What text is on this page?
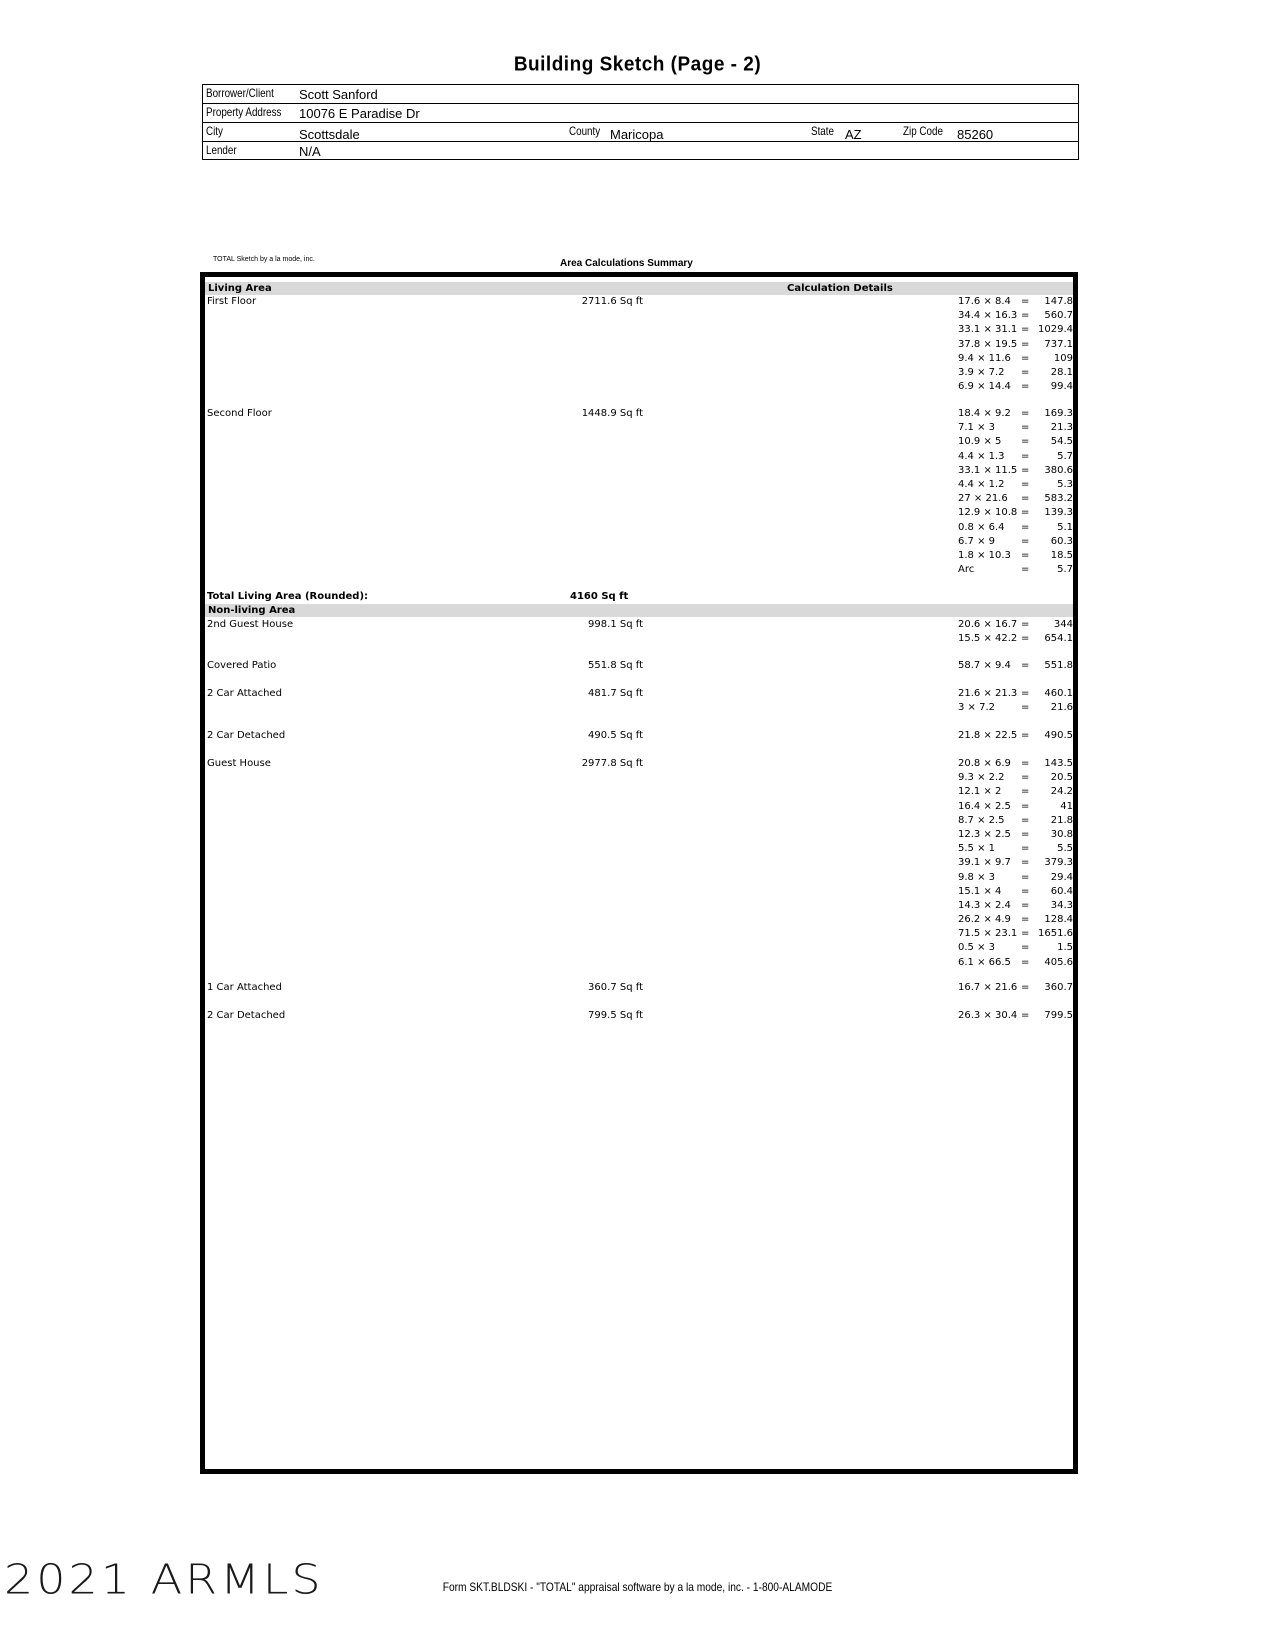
Building Sketch (Page - 2)
Borrower/Client Scott Sanford
Property Address 10076 E Paradise Dr
City	Scottsdale	County Maricopa	State AZ	Zip Code 85260
Lender	N/A
TOTAL Sketch by a la mode, inc.	Area Calculations Summary
Living Area	Calculation Details
First Floor	2711.6 Sq ft	17.6 × 8.4 = 147.8
34.4 × 16.3 = 560.7
33.1 × 31.1 = 1029.4
37.8 × 19.5 = 737.1
9.4 × 11.6 = 109
3.9 × 7.2 = 28.1
6.9 × 14.4 = 99.4
Second Floor	1448.9 Sq ft	18.4 × 9.2 = 169.3
7.1 × 3	= 21.3
10.9 × 5 = 54.5
4.4 × 1.3 =	5.7
33.1 × 11.5 = 380.6
4.4 × 1.2 =	5.3
27 × 21.6 = 583.2
12.9 × 10.8 = 139.3
0.8 × 6.4 =	5.1
6.7 × 9	= 60.3
1.8 × 10.3 = 18.5
Arc	=	5.7
Total Living Area (Rounded):	4160 Sq ft
Non-living Area
2nd Guest House	998.1 Sq ft	20.6 × 16.7 = 344
15.5 × 42.2 = 654.1
Covered Patio	551.8 Sq ft	58.7 × 9.4 = 551.8
2 Car Attached	481.7 Sq ft	21.6 × 21.3 = 460.1
3 × 7.2	= 21.6
2 Car Detached	490.5 Sq ft	21.8 × 22.5 = 490.5
Guest House	2977.8 Sq ft	20.8 × 6.9 = 143.5
9.3 × 2.2 = 20.5
12.1 × 2 = 24.2
16.4 × 2.5 =	41
8.7 × 2.5 = 21.8
12.3 × 2.5 = 30.8
5.5 × 1	=	5.5
39.1 × 9.7 = 379.3
9.8 × 3	= 29.4
15.1 × 4 = 60.4
14.3 × 2.4 = 34.3
26.2 × 4.9 = 128.4
71.5 × 23.1 = 1651.6
0.5 × 3	=	1.5
6.1 × 66.5 = 405.6
1 Car Attached	360.7 Sq ft	16.7 × 21.6 = 360.7
2 Car Detached	799.5 Sq ft	26.3 × 30.4 = 799.5
2021 ARMLS	Form SKT.BLDSKI - "TOTAL" appraisal software by a la mode, inc. - 1-800-ALAMODE
